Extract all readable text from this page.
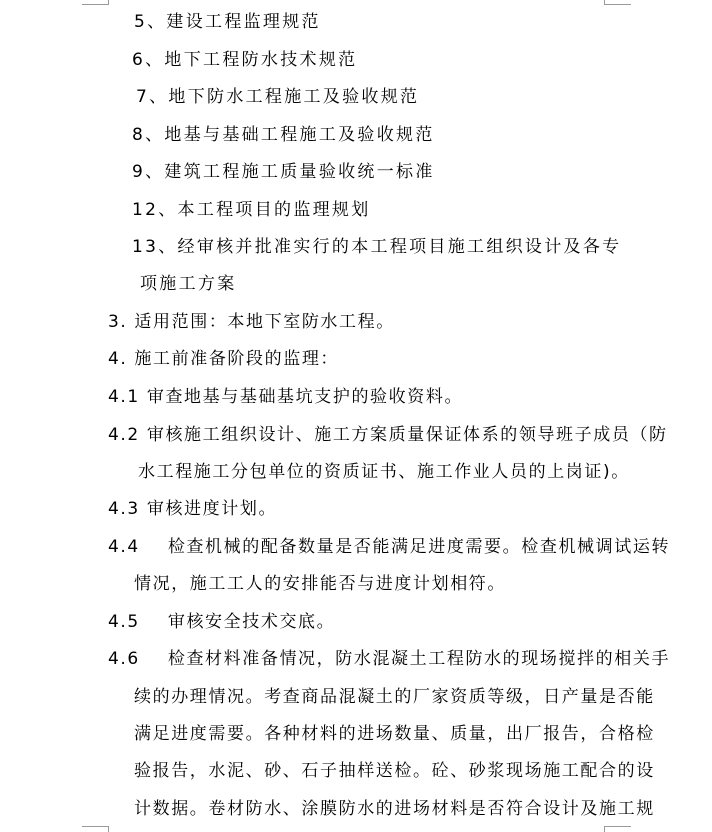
5、建设工程监理规范
6、地下工程防水技术规范
7、地下防水工程施工及验收规范
8、地基与基础工程施工及验收规范
9、建筑工程施工质量验收统一标准
12、本工程项目的监理规划
13、经审核并批准实行的本工程项目施工组织设计及各专
项施工方案
3. 适用范围：本地下室防水工程。
4. 施工前准备阶段的监理：
4.1 审查地基与基础基坑支护的验收资料。
4.2 审核施工组织设计、施工方案质量保证体系的领导班子成员（防
水工程施工分包单位的资质证书、施工作业人员的上岗证)。
4.3 审核进度计划。
4.4 检查机械的配备数量是否能满足进度需要。检查机械调试运转
情况，施工工人的安排能否与进度计划相符。
4.5 审核安全技术交底。
4.6 检查材料准备情况，防水混凝土工程防水的现场搅拌的相关手
续的办理情况。考查商品混凝土的厂家资质等级，日产量是否能
满足进度需要。各种材料的进场数量、质量，出厂报告，合格检
验报告，水泥、砂、石子抽样送检。砼、砂浆现场施工配合的设
计数据。卷材防水、涂膜防水的进场材料是否符合设计及施工规
